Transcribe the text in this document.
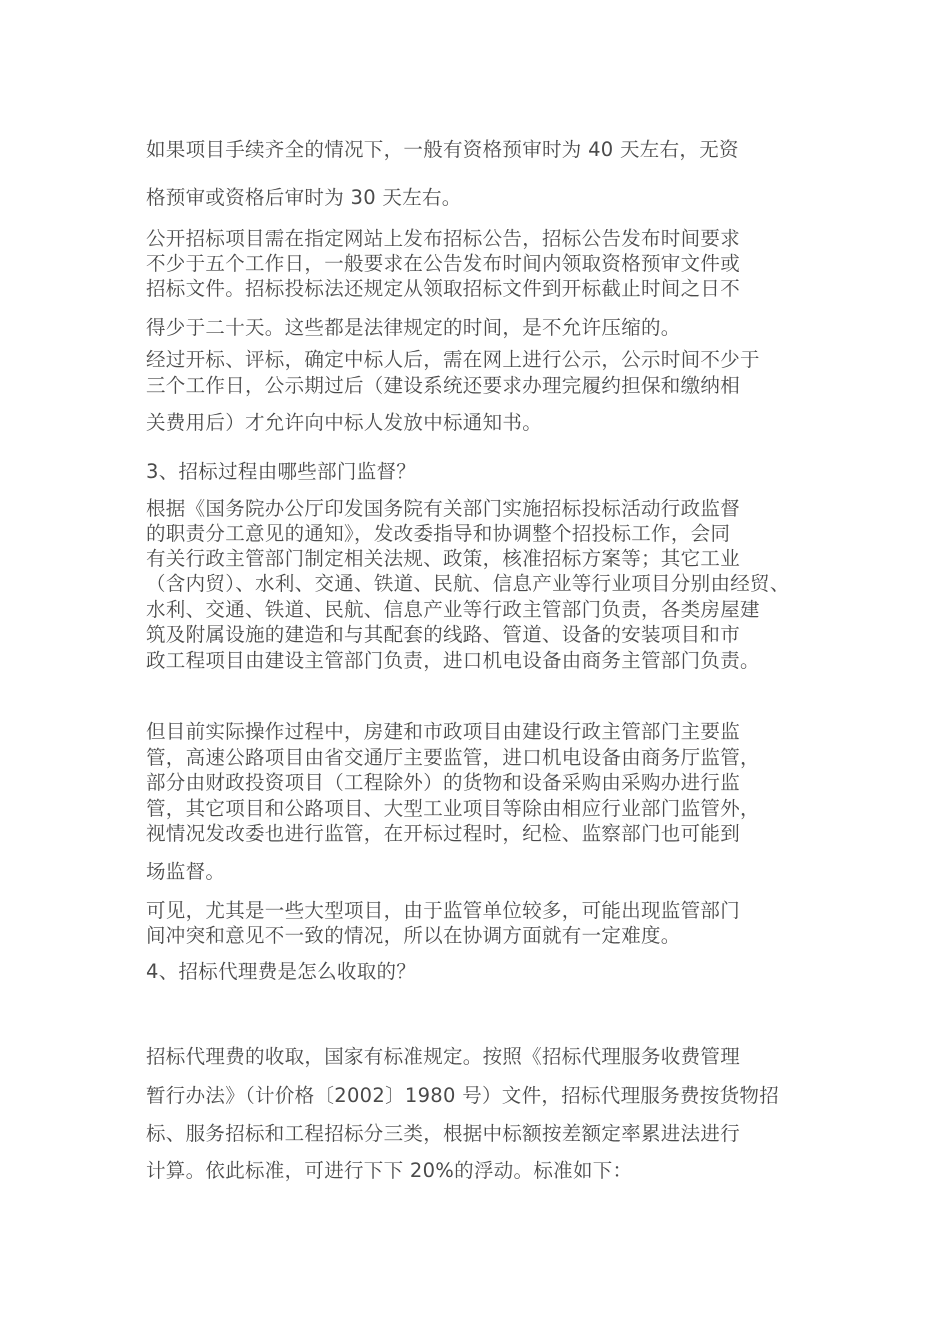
如果项目手续齐全的情况下，一般有资格预审时为 40 天左右，无资
格预审或资格后审时为 30 天左右。
公开招标项目需在指定网站上发布招标公告，招标公告发布时间要求
不少于五个工作日，一般要求在公告发布时间内领取资格预审文件或
招标文件。招标投标法还规定从领取招标文件到开标截止时间之日不
得少于二十天。这些都是法律规定的时间，是不允许压缩的。
经过开标、评标，确定中标人后，需在网上进行公示，公示时间不少于
三个工作日，公示期过后（建设系统还要求办理完履约担保和缴纳相
关费用后）才允许向中标人发放中标通知书。
3、招标过程由哪些部门监督？
根据《国务院办公厅印发国务院有关部门实施招标投标活动行政监督
的职责分工意见的通知》，发改委指导和协调整个招投标工作，会同
有关行政主管部门制定相关法规、政策，核准招标方案等；其它工业
（含内贸）、水利、交通、铁道、民航、信息产业等行业项目分别由经贸、
水利、交通、铁道、民航、信息产业等行政主管部门负责，各类房屋建
筑及附属设施的建造和与其配套的线路、管道、设备的安装项目和市
政工程项目由建设主管部门负责，进口机电设备由商务主管部门负责。
但目前实际操作过程中，房建和市政项目由建设行政主管部门主要监
管，高速公路项目由省交通厅主要监管，进口机电设备由商务厅监管，
部分由财政投资项目（工程除外）的货物和设备采购由采购办进行监
管，其它项目和公路项目、大型工业项目等除由相应行业部门监管外，
视情况发改委也进行监管，在开标过程时，纪检、监察部门也可能到
场监督。
可见，尤其是一些大型项目，由于监管单位较多，可能出现监管部门
间冲突和意见不一致的情况，所以在协调方面就有一定难度。
4、招标代理费是怎么收取的？
招标代理费的收取，国家有标准规定。按照《招标代理服务收费管理
暂行办法》（计价格〔2002〕1980 号）文件，招标代理服务费按货物招
标、服务招标和工程招标分三类，根据中标额按差额定率累进法进行
计算。依此标准，可进行下下 20%的浮动。标准如下：
